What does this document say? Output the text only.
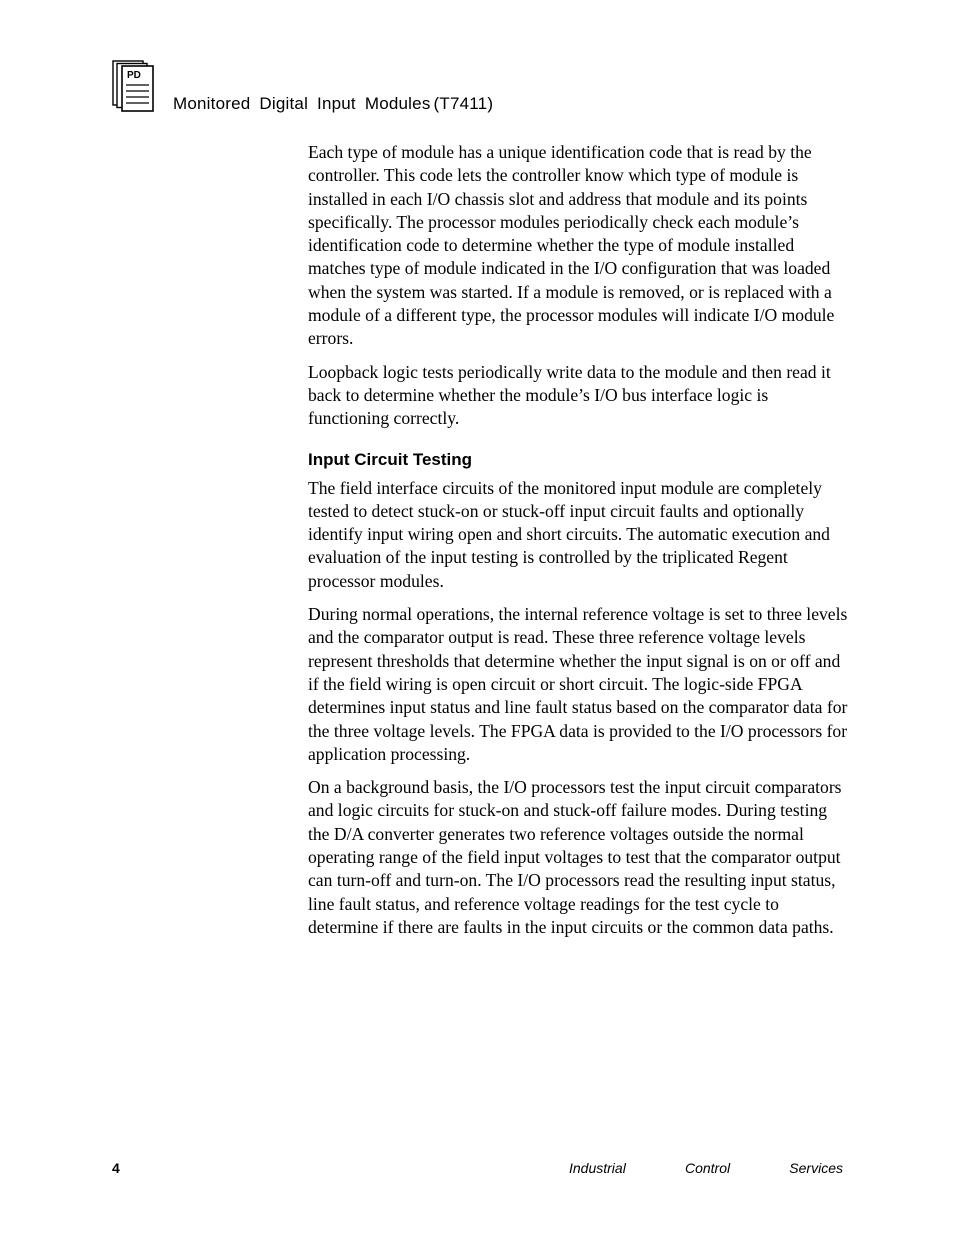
PD
Monitored Digital Input Modules (T7411)

Each type of module has a unique identification code that is read by the controller. This code lets the controller know which type of module is installed in each I/O chassis slot and address that module and its points specifically. The processor modules periodically check each module’s identification code to determine whether the type of module installed matches type of module indicated in the I/O configuration that was loaded when the system was started. If a module is removed, or is replaced with a module of a different type, the processor modules will indicate I/O module errors.

Loopback logic tests periodically write data to the module and then read it back to determine whether the module’s I/O bus interface logic is functioning correctly.

Input Circuit Testing

The field interface circuits of the monitored input module are completely tested to detect stuck-on or stuck-off input circuit faults and optionally identify input wiring open and short circuits. The automatic execution and evaluation of the input testing is controlled by the triplicated Regent processor modules.

During normal operations, the internal reference voltage is set to three levels and the comparator output is read. These three reference voltage levels represent thresholds that determine whether the input signal is on or off and if the field wiring is open circuit or short circuit. The logic-side FPGA determines input status and line fault status based on the comparator data for the three voltage levels. The FPGA data is provided to the I/O processors for application processing.

On a background basis, the I/O processors test the input circuit comparators and logic circuits for stuck-on and stuck-off failure modes. During testing the D/A converter generates two reference voltages outside the normal operating range of the field input voltages to test that the comparator output can turn-off and turn-on. The I/O processors read the resulting input status, line fault status, and reference voltage readings for the test cycle to determine if there are faults in the input circuits or the common data paths.

4	Industrial	Control	Services
